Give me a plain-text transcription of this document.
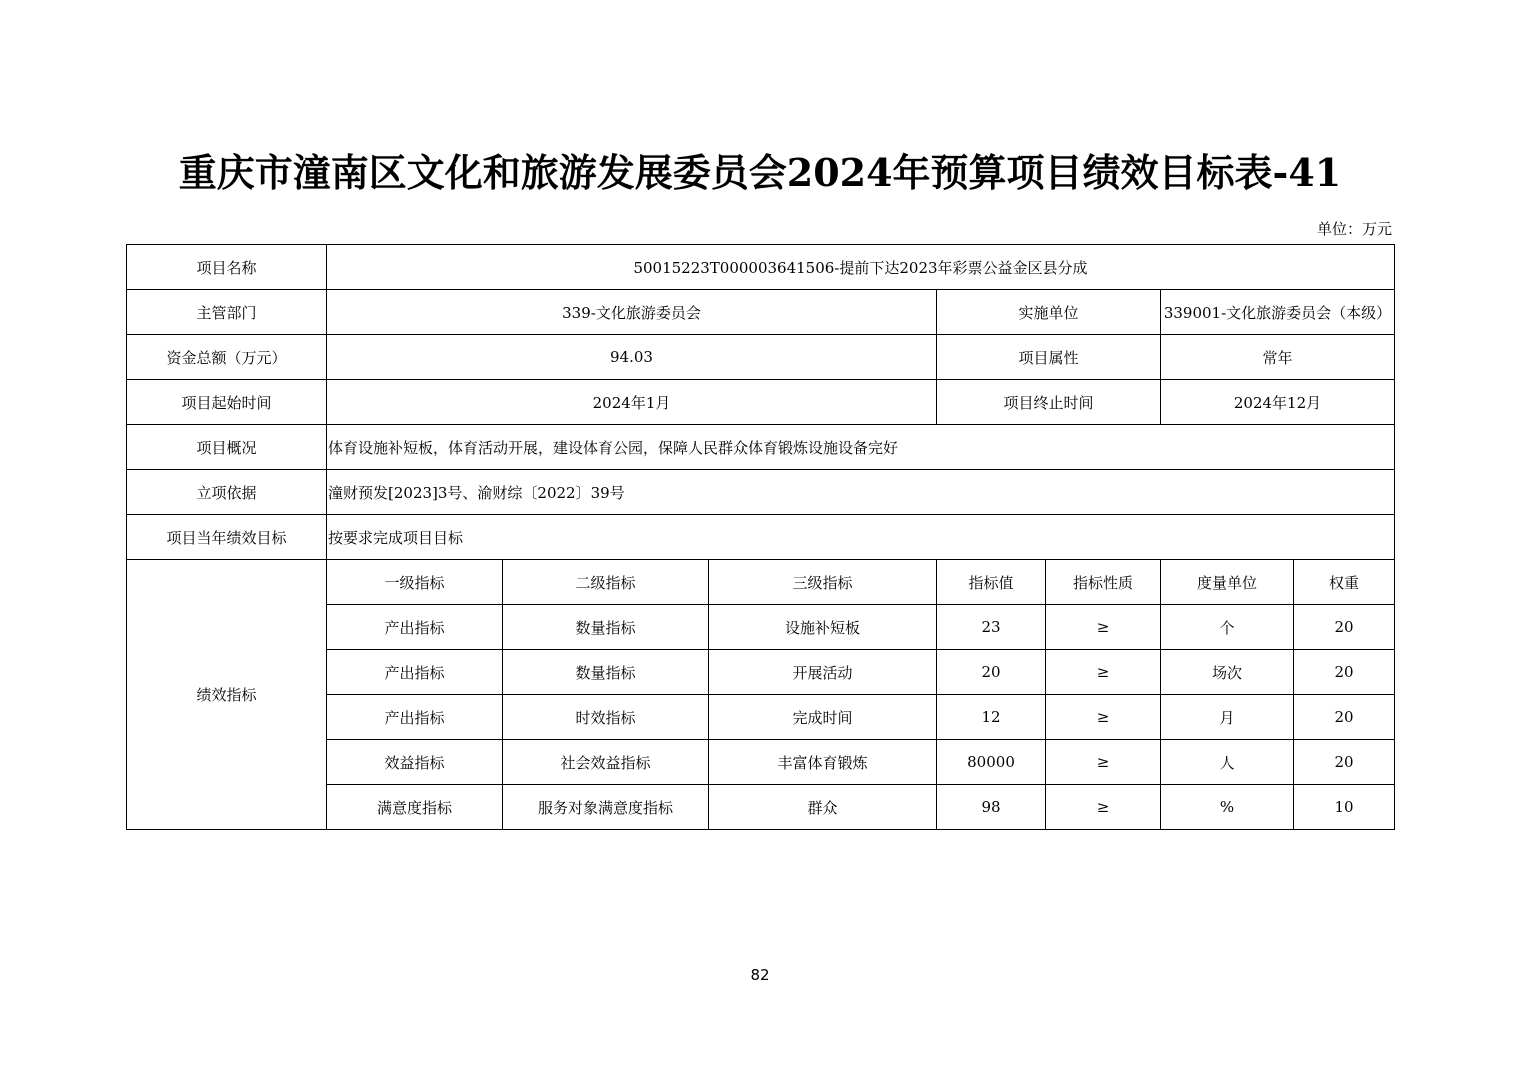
重庆市潼南区文化和旅游发展委员会2024年预算项目绩效目标表-41
单位：万元
项目名称	50015223T000003641506-提前下达2023年彩票公益金区县分成						
主管部门	339-文化旅游委员会			实施单位		339001-文化旅游委员会（本级）	
资金总额（万元）	94.03			项目属性		常年	
项目起始时间	2024年1月			项目终止时间		2024年12月	
项目概况	体育设施补短板，体育活动开展，建设体育公园，保障人民群众体育锻炼设施设备完好						
立项依据	潼财预发[2023]3号、渝财综〔2022〕39号						
项目当年绩效目标	按要求完成项目目标						
绩效指标	一级指标	二级指标	三级指标	指标值	指标性质	度量单位	权重
	产出指标	数量指标	设施补短板	23	≥	个	20
	产出指标	数量指标	开展活动	20	≥	场次	20
	产出指标	时效指标	完成时间	12	≥	月	20
	效益指标	社会效益指标	丰富体育锻炼	80000	≥	人	20
	满意度指标	服务对象满意度指标	群众	98	≥	%	10
82
